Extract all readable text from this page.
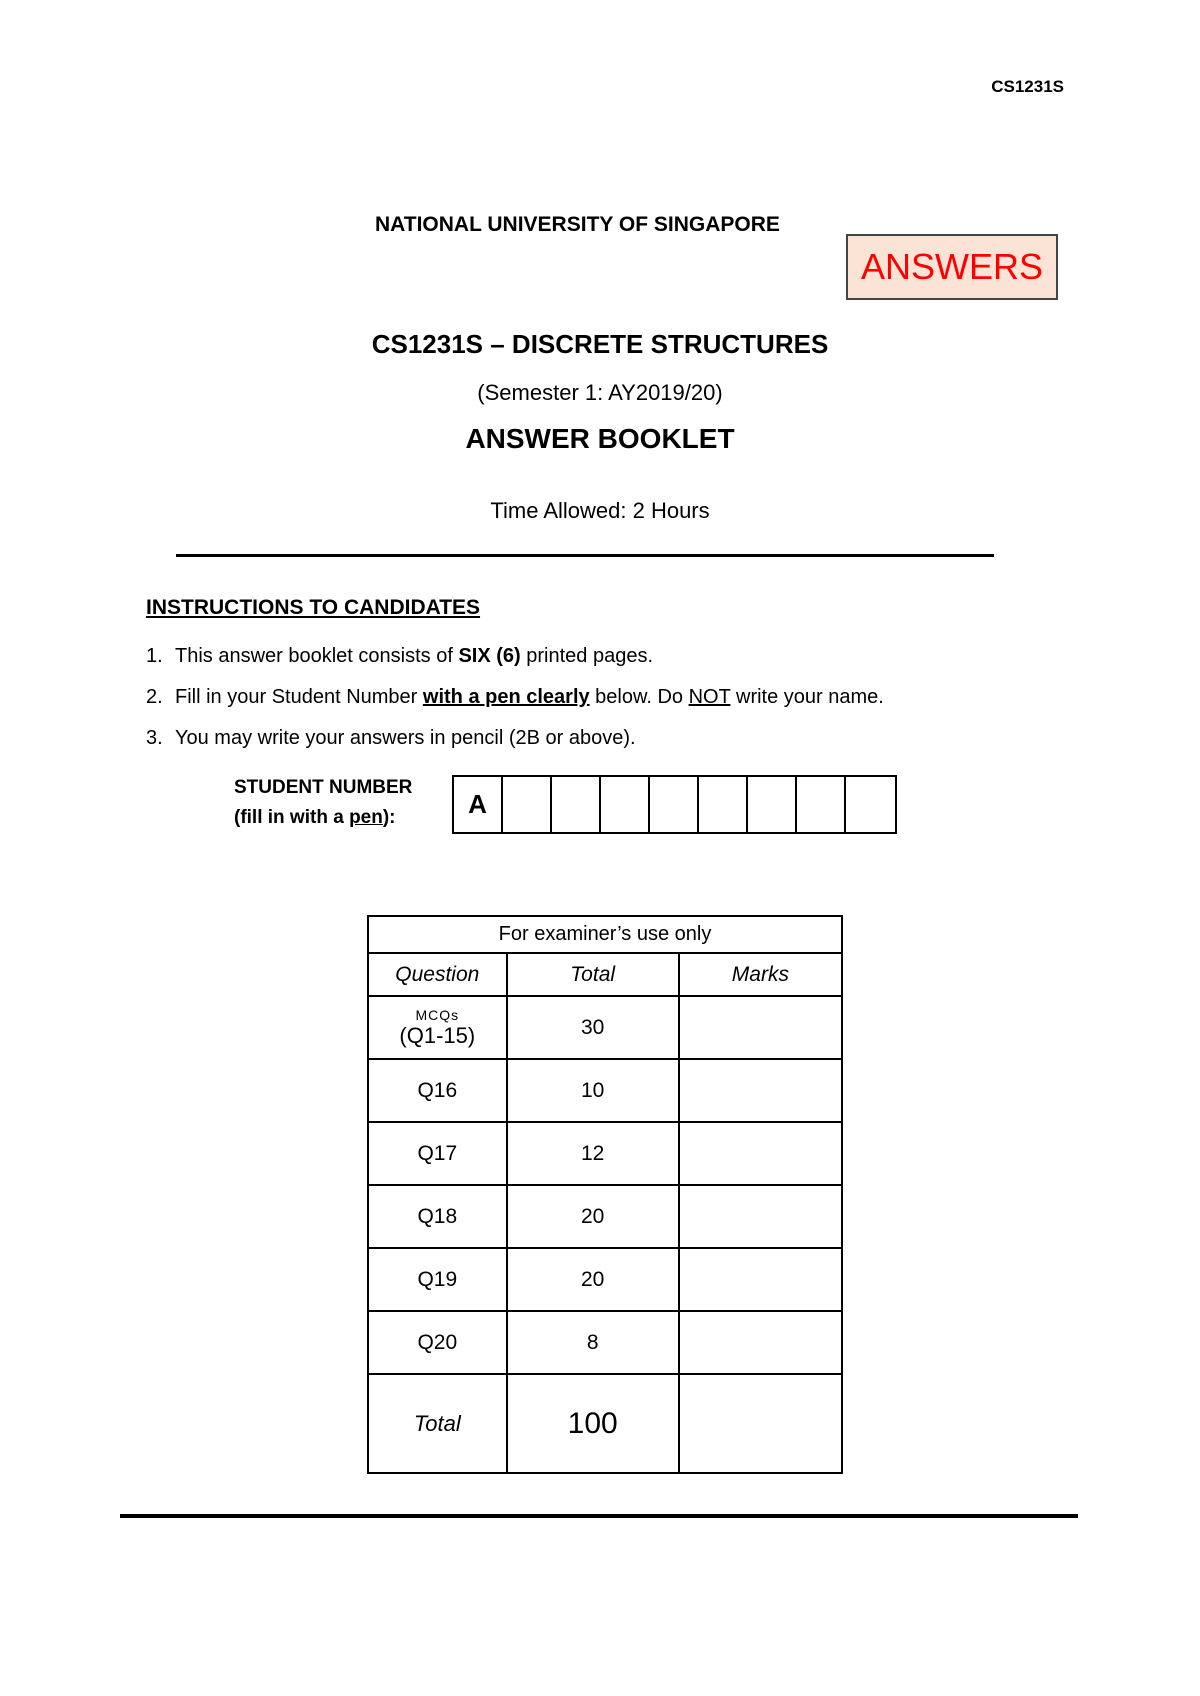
CS1231S
NATIONAL UNIVERSITY OF SINGAPORE
ANSWERS
CS1231S – DISCRETE STRUCTURES
(Semester 1: AY2019/20)
ANSWER BOOKLET
Time Allowed: 2 Hours
INSTRUCTIONS TO CANDIDATES
1. This answer booklet consists of SIX (6) printed pages.
2. Fill in your Student Number with a pen clearly below. Do NOT write your name.
3. You may write your answers in pencil (2B or above).
STUDENT NUMBER
(fill in with a pen):	A
For examiner’s use only		
Question	Total	Marks

MCQs
(Q1-15)	30	
Q16	10	
Q17	12	
Q18	20	
Q19	20	
Q20	8	
Total	100	
